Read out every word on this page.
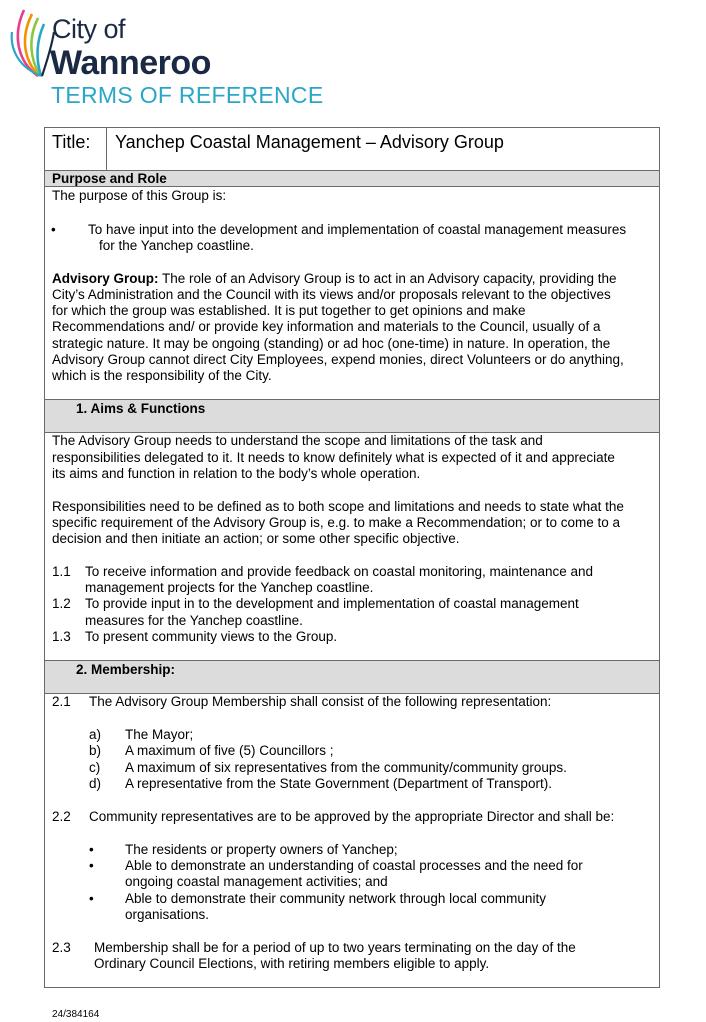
City of
Wanneroo
TERMS OF REFERENCE
Title: Yanchep Coastal Management – Advisory Group
Purpose and Role
The purpose of this Group is:
• To have input into the development and implementation of coastal management measures
for the Yanchep coastline.
Advisory Group: The role of an Advisory Group is to act in an Advisory capacity, providing the
City’s Administration and the Council with its views and/or proposals relevant to the objectives
for which the group was established. It is put together to get opinions and make
Recommendations and/ or provide key information and materials to the Council, usually of a
strategic nature. It may be ongoing (standing) or ad hoc (one-time) in nature. In operation, the
Advisory Group cannot direct City Employees, expend monies, direct Volunteers or do anything,
which is the responsibility of the City.
1. Aims & Functions
The Advisory Group needs to understand the scope and limitations of the task and
responsibilities delegated to it. It needs to know definitely what is expected of it and appreciate
its aims and function in relation to the body’s whole operation.
Responsibilities need to be defined as to both scope and limitations and needs to state what the
specific requirement of the Advisory Group is, e.g. to make a Recommendation; or to come to a
decision and then initiate an action; or some other specific objective.
1.1 To receive information and provide feedback on coastal monitoring, maintenance and
management projects for the Yanchep coastline.
1.2 To provide input in to the development and implementation of coastal management
measures for the Yanchep coastline.
1.3 To present community views to the Group.
2. Membership:
2.1 The Advisory Group Membership shall consist of the following representation:
a) The Mayor;
b) A maximum of five (5) Councillors ;
c) A maximum of six representatives from the community/community groups.
d) A representative from the State Government (Department of Transport).
2.2 Community representatives are to be approved by the appropriate Director and shall be:
• The residents or property owners of Yanchep;
• Able to demonstrate an understanding of coastal processes and the need for
ongoing coastal management activities; and
• Able to demonstrate their community network through local community
organisations.
2.3 Membership shall be for a period of up to two years terminating on the day of the
Ordinary Council Elections, with retiring members eligible to apply.
24/384164
